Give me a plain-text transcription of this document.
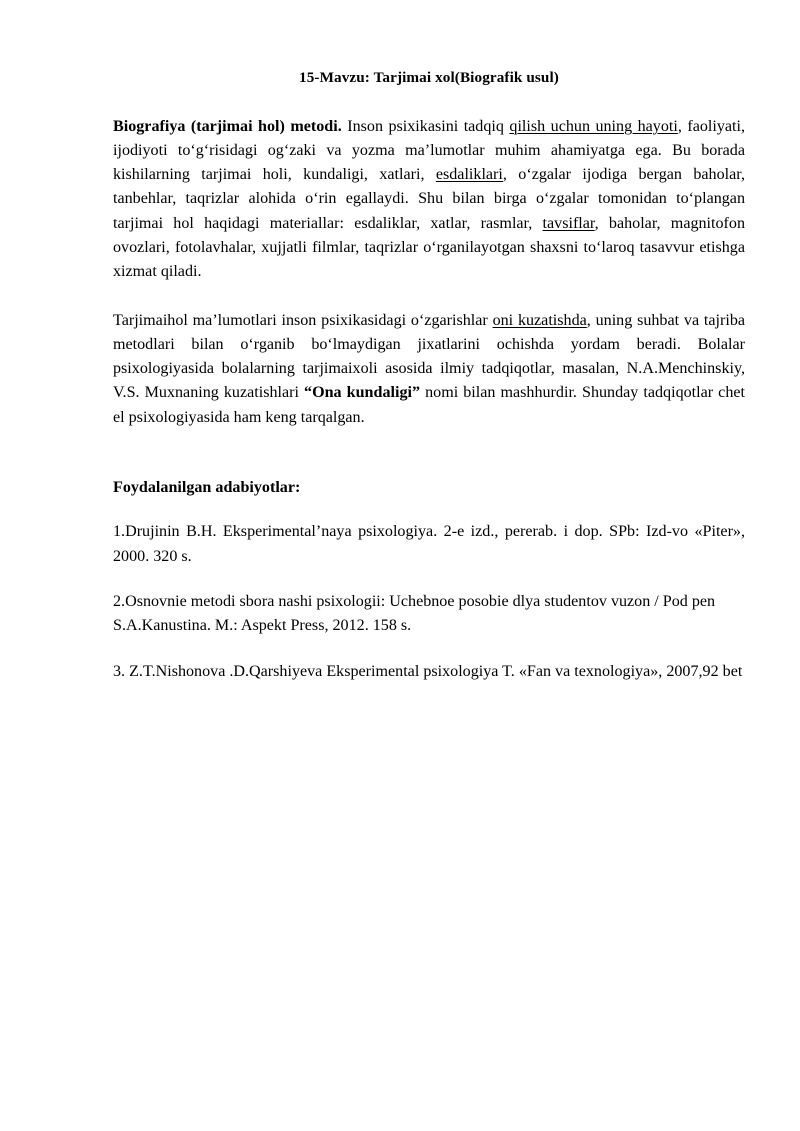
15-Mavzu: Tarjimai xol(Biografik usul)

Biografiya (tarjimai hol) metodi. Inson psixikasini tadqiq qilish uchun uning hayoti, faoliyati, ijodiyoti toʻgʻrisidagi ogʻzaki va yozma ma’lumotlar muhim ahamiyatga ega. Bu borada kishilarning tarjimai holi, kundaligi, xatlari, esdaliklari, oʻzgalar ijodiga bergan baholar, tanbehlar, taqrizlar alohida oʻrin egallaydi. Shu bilan birga oʻzgalar tomonidan toʻplangan tarjimai hol haqidagi materiallar: esdaliklar, xatlar, rasmlar, tavsiflar, baholar, magnitofon ovozlari, fotolavhalar, xujjatli filmlar, taqrizlar oʻrganilayotgan shaxsni toʻlaroq tasavvur etishga xizmat qiladi.

Tarjimaihol ma’lumotlari inson psixikasidagi oʻzgarishlar oni kuzatishda, uning suhbat va tajriba metodlari bilan oʻrganib boʻlmaydigan jixatlarini ochishda yordam beradi. Bolalar psixologiyasida bolalarning tarjimaixoli asosida ilmiy tadqiqotlar, masalan, N.A.Menchinskiy, V.S. Muxnaning kuzatishlari “Ona kundaligi” nomi bilan mashhurdir. Shunday tadqiqotlar chet el psixologiyasida ham keng tarqalgan.

Foydalanilgan adabiyotlar:

1.Drujinin B.H. Eksperimental’naya psixologiya. 2-e izd., pererab. i dop. SPb: Izd-vo «Piter», 2000. 320 s.

2.Osnovnie metodi sbora nashi psixologii: Uchebnoe posobie dlya studentov vuzon / Pod pen S.A.Kanustina. M.: Aspekt Press, 2012. 158 s.

3. Z.T.Nishonova .D.Qarshiyeva Eksperimental psixologiya T. «Fan va texnologiya», 2007,92 bet
